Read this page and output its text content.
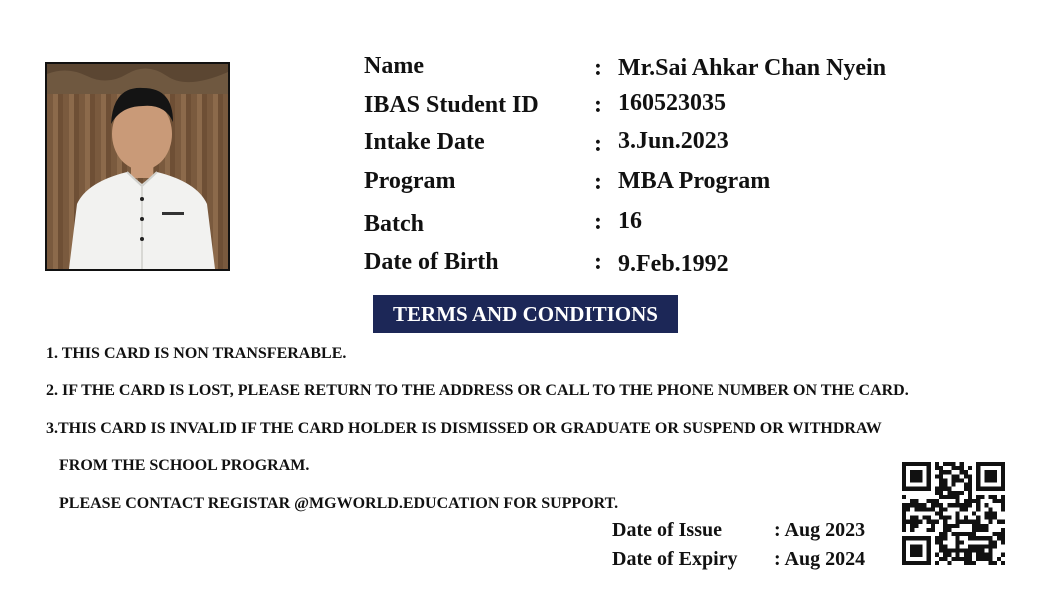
Name	: Mr.Sai Ahkar Chan Nyein
IBAS Student ID : 160523035
Intake Date	: 3.Jun.2023
Program	: MBA Program
Batch	: 16
Date of Birth	: 9.Feb.1992
TERMS AND CONDITIONS
1. THIS CARD IS NON TRANSFERABLE.
2. IF THE CARD IS LOST, PLEASE RETURN TO THE ADDRESS OR CALL TO THE PHONE NUMBER ON THE CARD.
3.THIS CARD IS INVALID IF THE CARD HOLDER IS DISMISSED OR GRADUATE OR SUSPEND OR WITHDRAW
FROM THE SCHOOL PROGRAM.
PLEASE CONTACT REGISTAR @MGWORLD.EDUCATION FOR SUPPORT.
Date of Issue	: Aug 2023
Date of Expiry : Aug 2024
